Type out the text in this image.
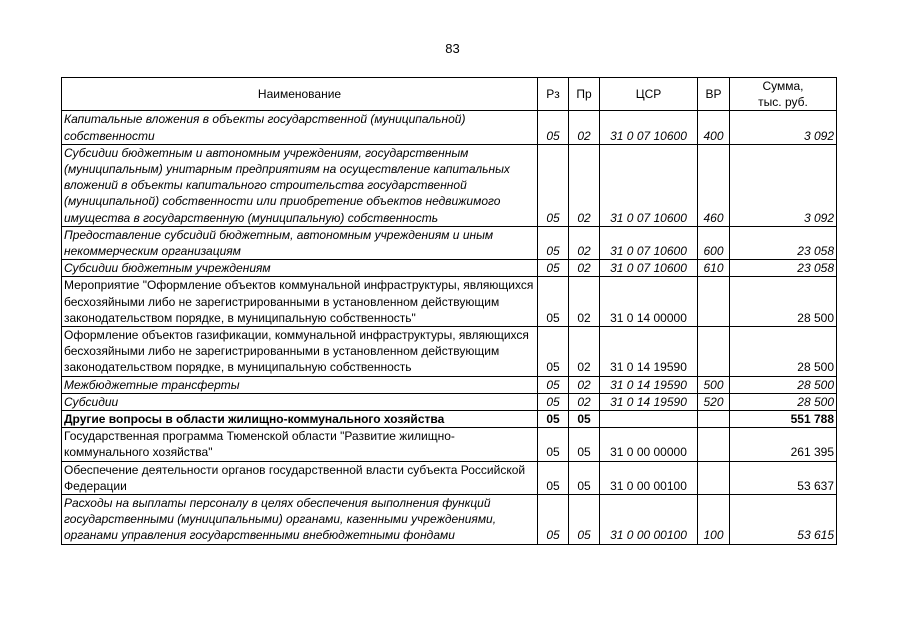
83
Наименование	Рз	Пр	ЦСР	ВР	Сумма,
тыс. руб.

Капитальные вложения в объекты государственной (муниципальной) собственности	05	02	31 0 07 10600	400	3 092
Субсидии бюджетным и автономным учреждениям, государственным (муниципальным) унитарным предприятиям на осуществление капитальных вложений в объекты капитального строительства государственной (муниципальной) собственности или приобретение объектов недвижимого имущества в государственную (муниципальную) собственность	05	02	31 0 07 10600	460	3 092
Предоставление субсидий бюджетным, автономным учреждениям и иным некоммерческим организациям	05	02	31 0 07 10600	600	23 058
Субсидии бюджетным учреждениям	05	02	31 0 07 10600	610	23 058
Мероприятие "Оформление объектов коммунальной инфраструктуры, являющихся бесхозяйными либо не зарегистрированными в установленном действующим законодательством порядке, в муниципальную собственность"	05	02	31 0 14 00000		28 500
Оформление объектов газификации, коммунальной инфраструктуры, являющихся бесхозяйными либо не зарегистрированными в установленном действующим законодательством порядке, в муниципальную собственность	05	02	31 0 14 19590		28 500
Межбюджетные трансферты	05	02	31 0 14 19590	500	28 500
Субсидии	05	02	31 0 14 19590	520	28 500
Другие вопросы в области жилищно-коммунального хозяйства	05	05			551 788
Государственная программа Тюменской области "Развитие жилищно-коммунального хозяйства"	05	05	31 0 00 00000		261 395
Обеспечение деятельности органов государственной власти субъекта Российской Федерации	05	05	31 0 00 00100		53 637
Расходы на выплаты персоналу в целях обеспечения выполнения функций государственными (муниципальными) органами, казенными учреждениями, органами управления государственными внебюджетными фондами	05	05	31 0 00 00100	100	53 615
